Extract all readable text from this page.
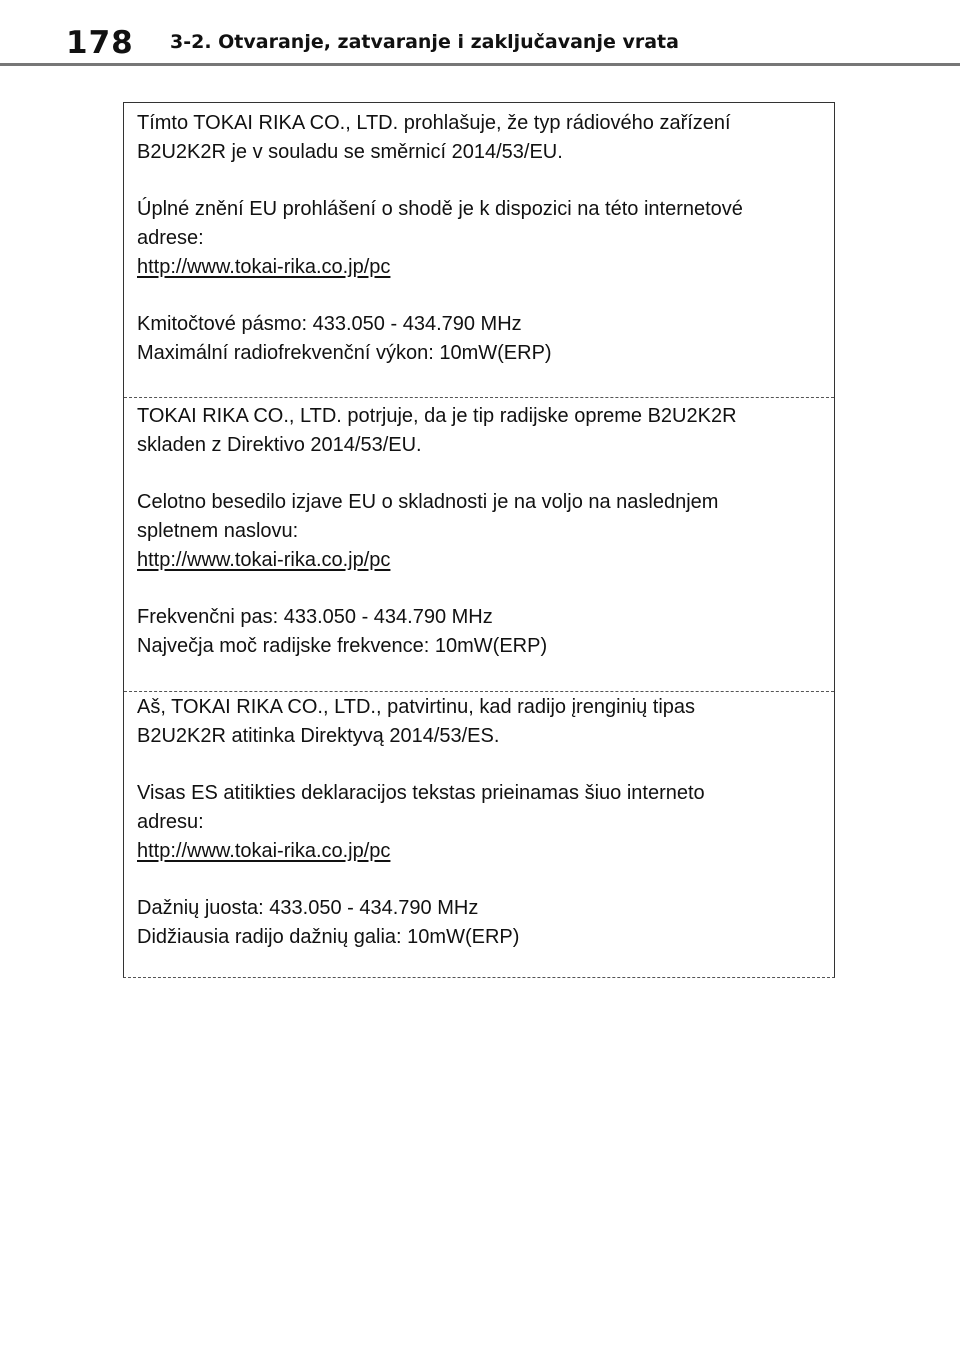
178 3-2. Otvaranje, zatvaranje i zaključavanje vrata

Tímto TOKAI RIKA CO., LTD. prohlašuje, že typ rádiového zařízení
B2U2K2R je v souladu se směrnicí 2014/53/EU.

Úplné znění EU prohlášení o shodě je k dispozici na této internetové
adrese:

http://www.tokai-rika.co.jp/pc

Kmitočtové pásmo: 433.050 - 434.790 MHz

Maximální radiofrekvenční výkon: 10mW(ERP)

TOKAI RIKA CO., LTD. potrjuje, da je tip radijske opreme B2U2K2R
skladen z Direktivo 2014/53/EU.

Celotno besedilo izjave EU o skladnosti je na voljo na naslednjem
spletnem naslovu:

http://www.tokai-rika.co.jp/pc

Frekvenčni pas: 433.050 - 434.790 MHz

Največja moč radijske frekvence: 10mW(ERP)

Aš, TOKAI RIKA CO., LTD., patvirtinu, kad radijo įrenginių tipas
B2U2K2R atitinka Direktyvą 2014/53/ES.

Visas ES atitikties deklaracijos tekstas prieinamas šiuo interneto
adresu:

http://www.tokai-rika.co.jp/pc

Dažnių juosta: 433.050 - 434.790 MHz

Didžiausia radijo dažnių galia: 10mW(ERP)
